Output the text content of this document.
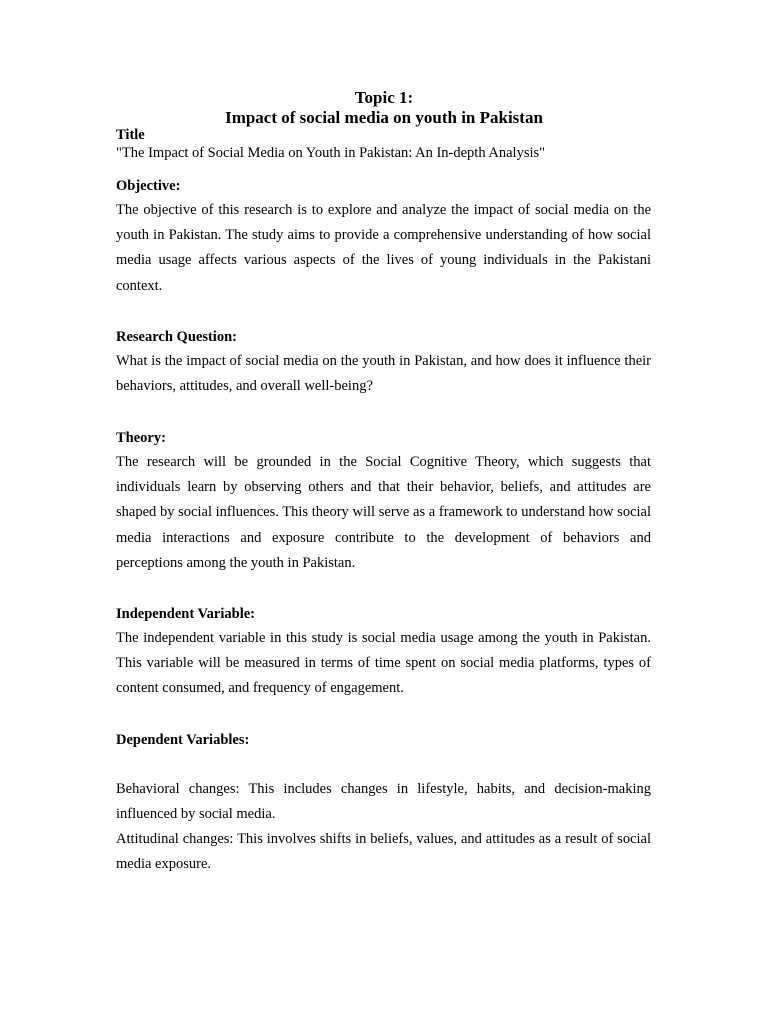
Topic 1:
Impact of social media on youth in Pakistan
Title
"The Impact of Social Media on Youth in Pakistan: An In-depth Analysis"
Objective:
The objective of this research is to explore and analyze the impact of social media on the youth in Pakistan. The study aims to provide a comprehensive understanding of how social media usage affects various aspects of the lives of young individuals in the Pakistani context.
Research Question:
What is the impact of social media on the youth in Pakistan, and how does it influence their behaviors, attitudes, and overall well-being?
Theory:
The research will be grounded in the Social Cognitive Theory, which suggests that individuals learn by observing others and that their behavior, beliefs, and attitudes are shaped by social influences. This theory will serve as a framework to understand how social media interactions and exposure contribute to the development of behaviors and perceptions among the youth in Pakistan.
Independent Variable:
The independent variable in this study is social media usage among the youth in Pakistan. This variable will be measured in terms of time spent on social media platforms, types of content consumed, and frequency of engagement.
Dependent Variables:
Behavioral changes: This includes changes in lifestyle, habits, and decision-making influenced by social media.
Attitudinal changes: This involves shifts in beliefs, values, and attitudes as a result of social media exposure.
